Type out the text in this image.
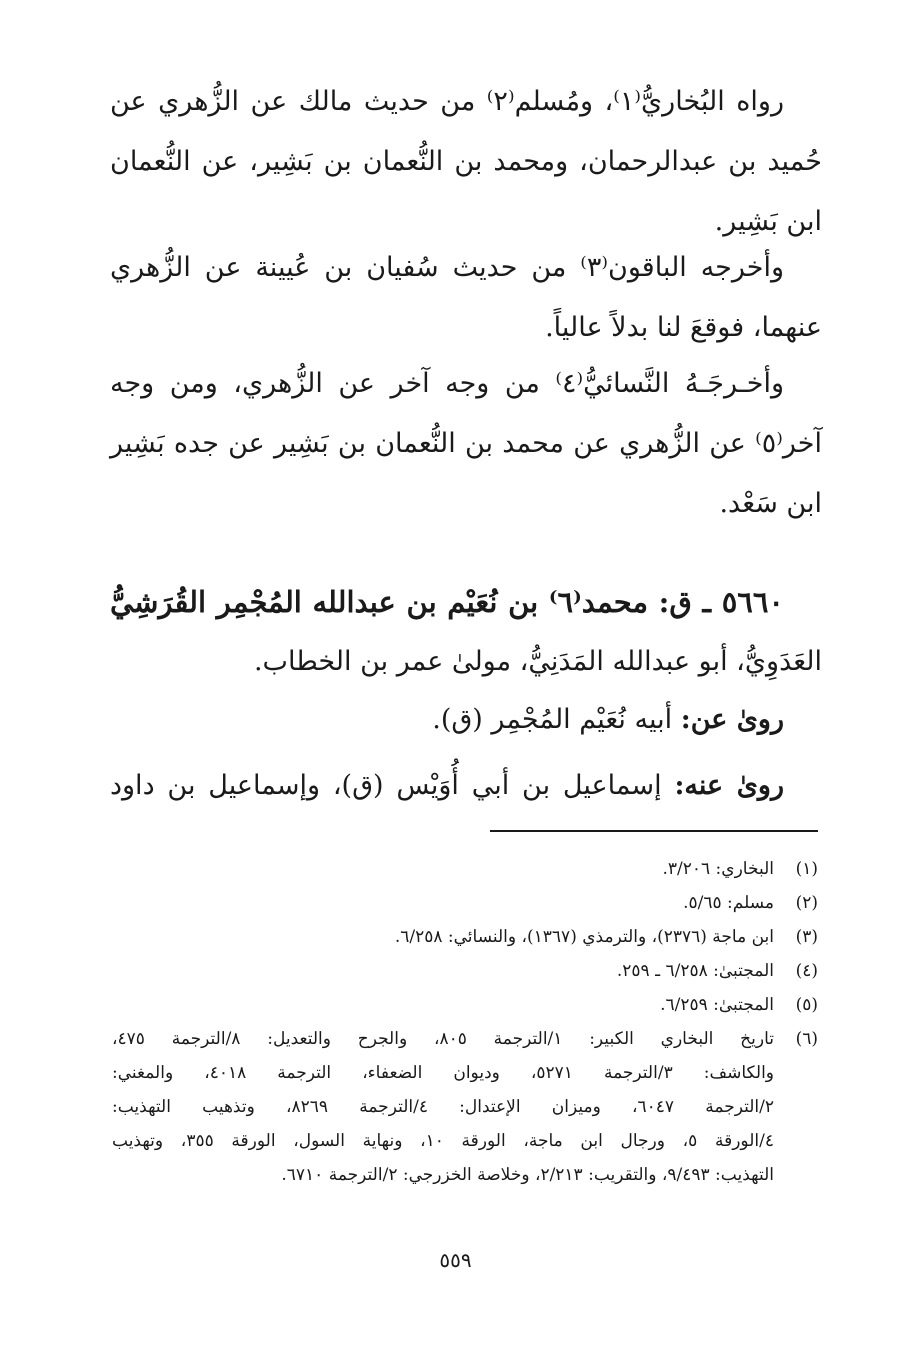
رواه البُخاريُّ⁽١⁾، ومُسلم⁽٢⁾ من حديث مالك عن الزُّهري عن
حُميد بن عبدالرحمان، ومحمد بن النُّعمان بن بَشِير، عن النُّعمان
ابن بَشِير.
وأخرجه الباقون⁽٣⁾ من حديث سُفيان بن عُيينة عن الزُّهري
عنهما، فوقعَ لنا بدلاً عالياً.
وأخـرجَـهُ النَّسائيُّ⁽٤⁾ من وجه آخر عن الزُّهري، ومن وجه
آخر⁽٥⁾ عن الزُّهري عن محمد بن النُّعمان بن بَشِير عن جده بَشِير
ابن سَعْد.
٥٦٦٠ ـ ق: محمد⁽٦⁾ بن نُعَيْم بن عبدالله المُجْمِر القُرَشِيُّ
العَدَوِيُّ، أبو عبدالله المَدَنِيُّ، مولىٰ عمر بن الخطاب.
روىٰ عن: أبيه نُعَيْم المُجْمِر (ق).
روىٰ عنه: إسماعيل بن أبي أُوَيْس (ق)، وإسماعيل بن داود
(١)
البخاري: ٣/٢٠٦.
(٢)
مسلم: ٥/٦٥.
(٣)
ابن ماجة (٢٣٧٦)، والترمذي (١٣٦٧)، والنسائي: ٦/٢٥٨.
(٤)
المجتبىٰ: ٦/٢٥٨ ـ ٢٥٩.
(٥)
المجتبىٰ: ٦/٢٥٩.
(٦)
تاريخ البخاري الكبير: ١/الترجمة ٨٠٥، والجرح والتعديل: ٨/الترجمة ٤٧٥،
والكاشف: ٣/الترجمة ٥٢٧١، وديوان الضعفاء، الترجمة ٤٠١٨، والمغني:
٢/الترجمة ٦٠٤٧، وميزان الإعتدال: ٤/الترجمة ٨٢٦٩، وتذهيب التهذيب:
٤/الورقة ٥، ورجال ابن ماجة، الورقة ١٠، ونهاية السول، الورقة ٣٥٥، وتهذيب
التهذيب: ٩/٤٩٣، والتقريب: ٢/٢١٣، وخلاصة الخزرجي: ٢/الترجمة ٦٧١٠.
٥٥٩
